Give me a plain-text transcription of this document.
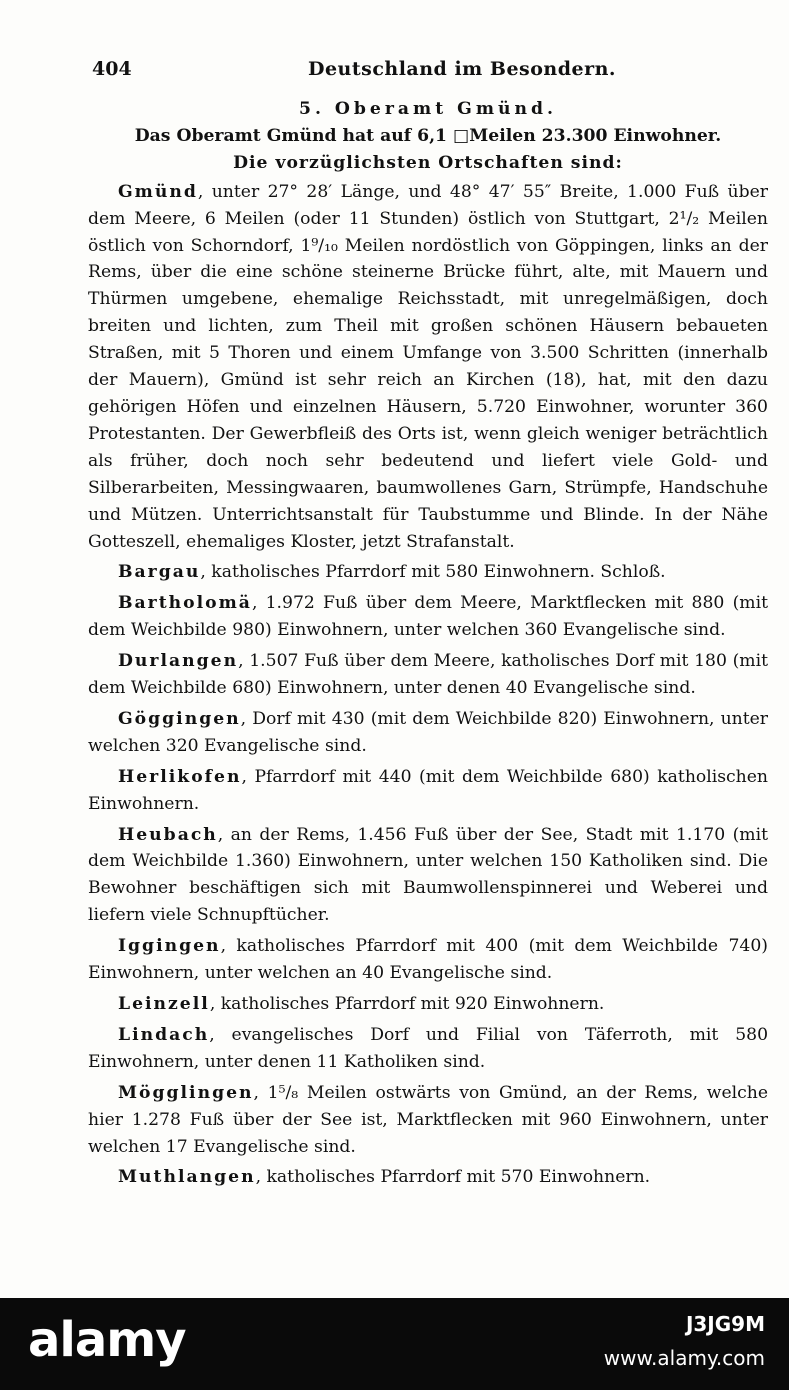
404	Deutschland im Besondern.

5. Oberamt Gmünd.

Das Oberamt Gmünd hat auf 6,1 □Meilen 23.300 Einwohner.

Die vorzüglichsten Ortschaften sind:

Gmünd, unter 27° 28′ Länge, und 48° 47′ 55″ Breite, 1.000 Fuß über dem Meere, 6 Meilen (oder 11 Stunden) östlich von Stuttgart, 2¹/₂ Meilen östlich von Schorndorf, 1⁹/₁₀ Meilen nordöstlich von Göppingen, links an der Rems, über die eine schöne steinerne Brücke führt, alte, mit Mauern und Thürmen umgebene, ehemalige Reichsstadt, mit unregelmäßigen, doch breiten und lichten, zum Theil mit großen schönen Häusern bebaueten Straßen, mit 5 Thoren und einem Umfange von 3.500 Schritten (innerhalb der Mauern), Gmünd ist sehr reich an Kirchen (18), hat, mit den dazu gehörigen Höfen und einzelnen Häusern, 5.720 Einwohner, worunter 360 Protestanten. Der Gewerbfleiß des Orts ist, wenn gleich weniger beträchtlich als früher, doch noch sehr bedeutend und liefert viele Gold- und Silberarbeiten, Messingwaaren, baumwollenes Garn, Strümpfe, Handschuhe und Mützen. Unterrichtsanstalt für Taubstumme und Blinde. In der Nähe Gotteszell, ehemaliges Kloster, jetzt Strafanstalt.

Bargau, katholisches Pfarrdorf mit 580 Einwohnern. Schloß.

Bartholomä, 1.972 Fuß über dem Meere, Marktflecken mit 880 (mit dem Weichbilde 980) Einwohnern, unter welchen 360 Evangelische sind.

Durlangen, 1.507 Fuß über dem Meere, katholisches Dorf mit 180 (mit dem Weichbilde 680) Einwohnern, unter denen 40 Evangelische sind.

Göggingen, Dorf mit 430 (mit dem Weichbilde 820) Einwohnern, unter welchen 320 Evangelische sind.

Herlikofen, Pfarrdorf mit 440 (mit dem Weichbilde 680) katholischen Einwohnern.

Heubach, an der Rems, 1.456 Fuß über der See, Stadt mit 1.170 (mit dem Weichbilde 1.360) Einwohnern, unter welchen 150 Katholiken sind. Die Bewohner beschäftigen sich mit Baumwollenspinnerei und Weberei und liefern viele Schnupftücher.

Iggingen, katholisches Pfarrdorf mit 400 (mit dem Weichbilde 740) Einwohnern, unter welchen an 40 Evangelische sind.

Leinzell, katholisches Pfarrdorf mit 920 Einwohnern.

Lindach, evangelisches Dorf und Filial von Täferroth, mit 580 Einwohnern, unter denen 11 Katholiken sind.

Mögglingen, 1⁵/₈ Meilen ostwärts von Gmünd, an der Rems, welche hier 1.278 Fuß über der See ist, Marktflecken mit 960 Einwohnern, unter welchen 17 Evangelische sind.

Muthlangen, katholisches Pfarrdorf mit 570 Einwohnern.

alamy	J3JG9M
www.alamy.com
